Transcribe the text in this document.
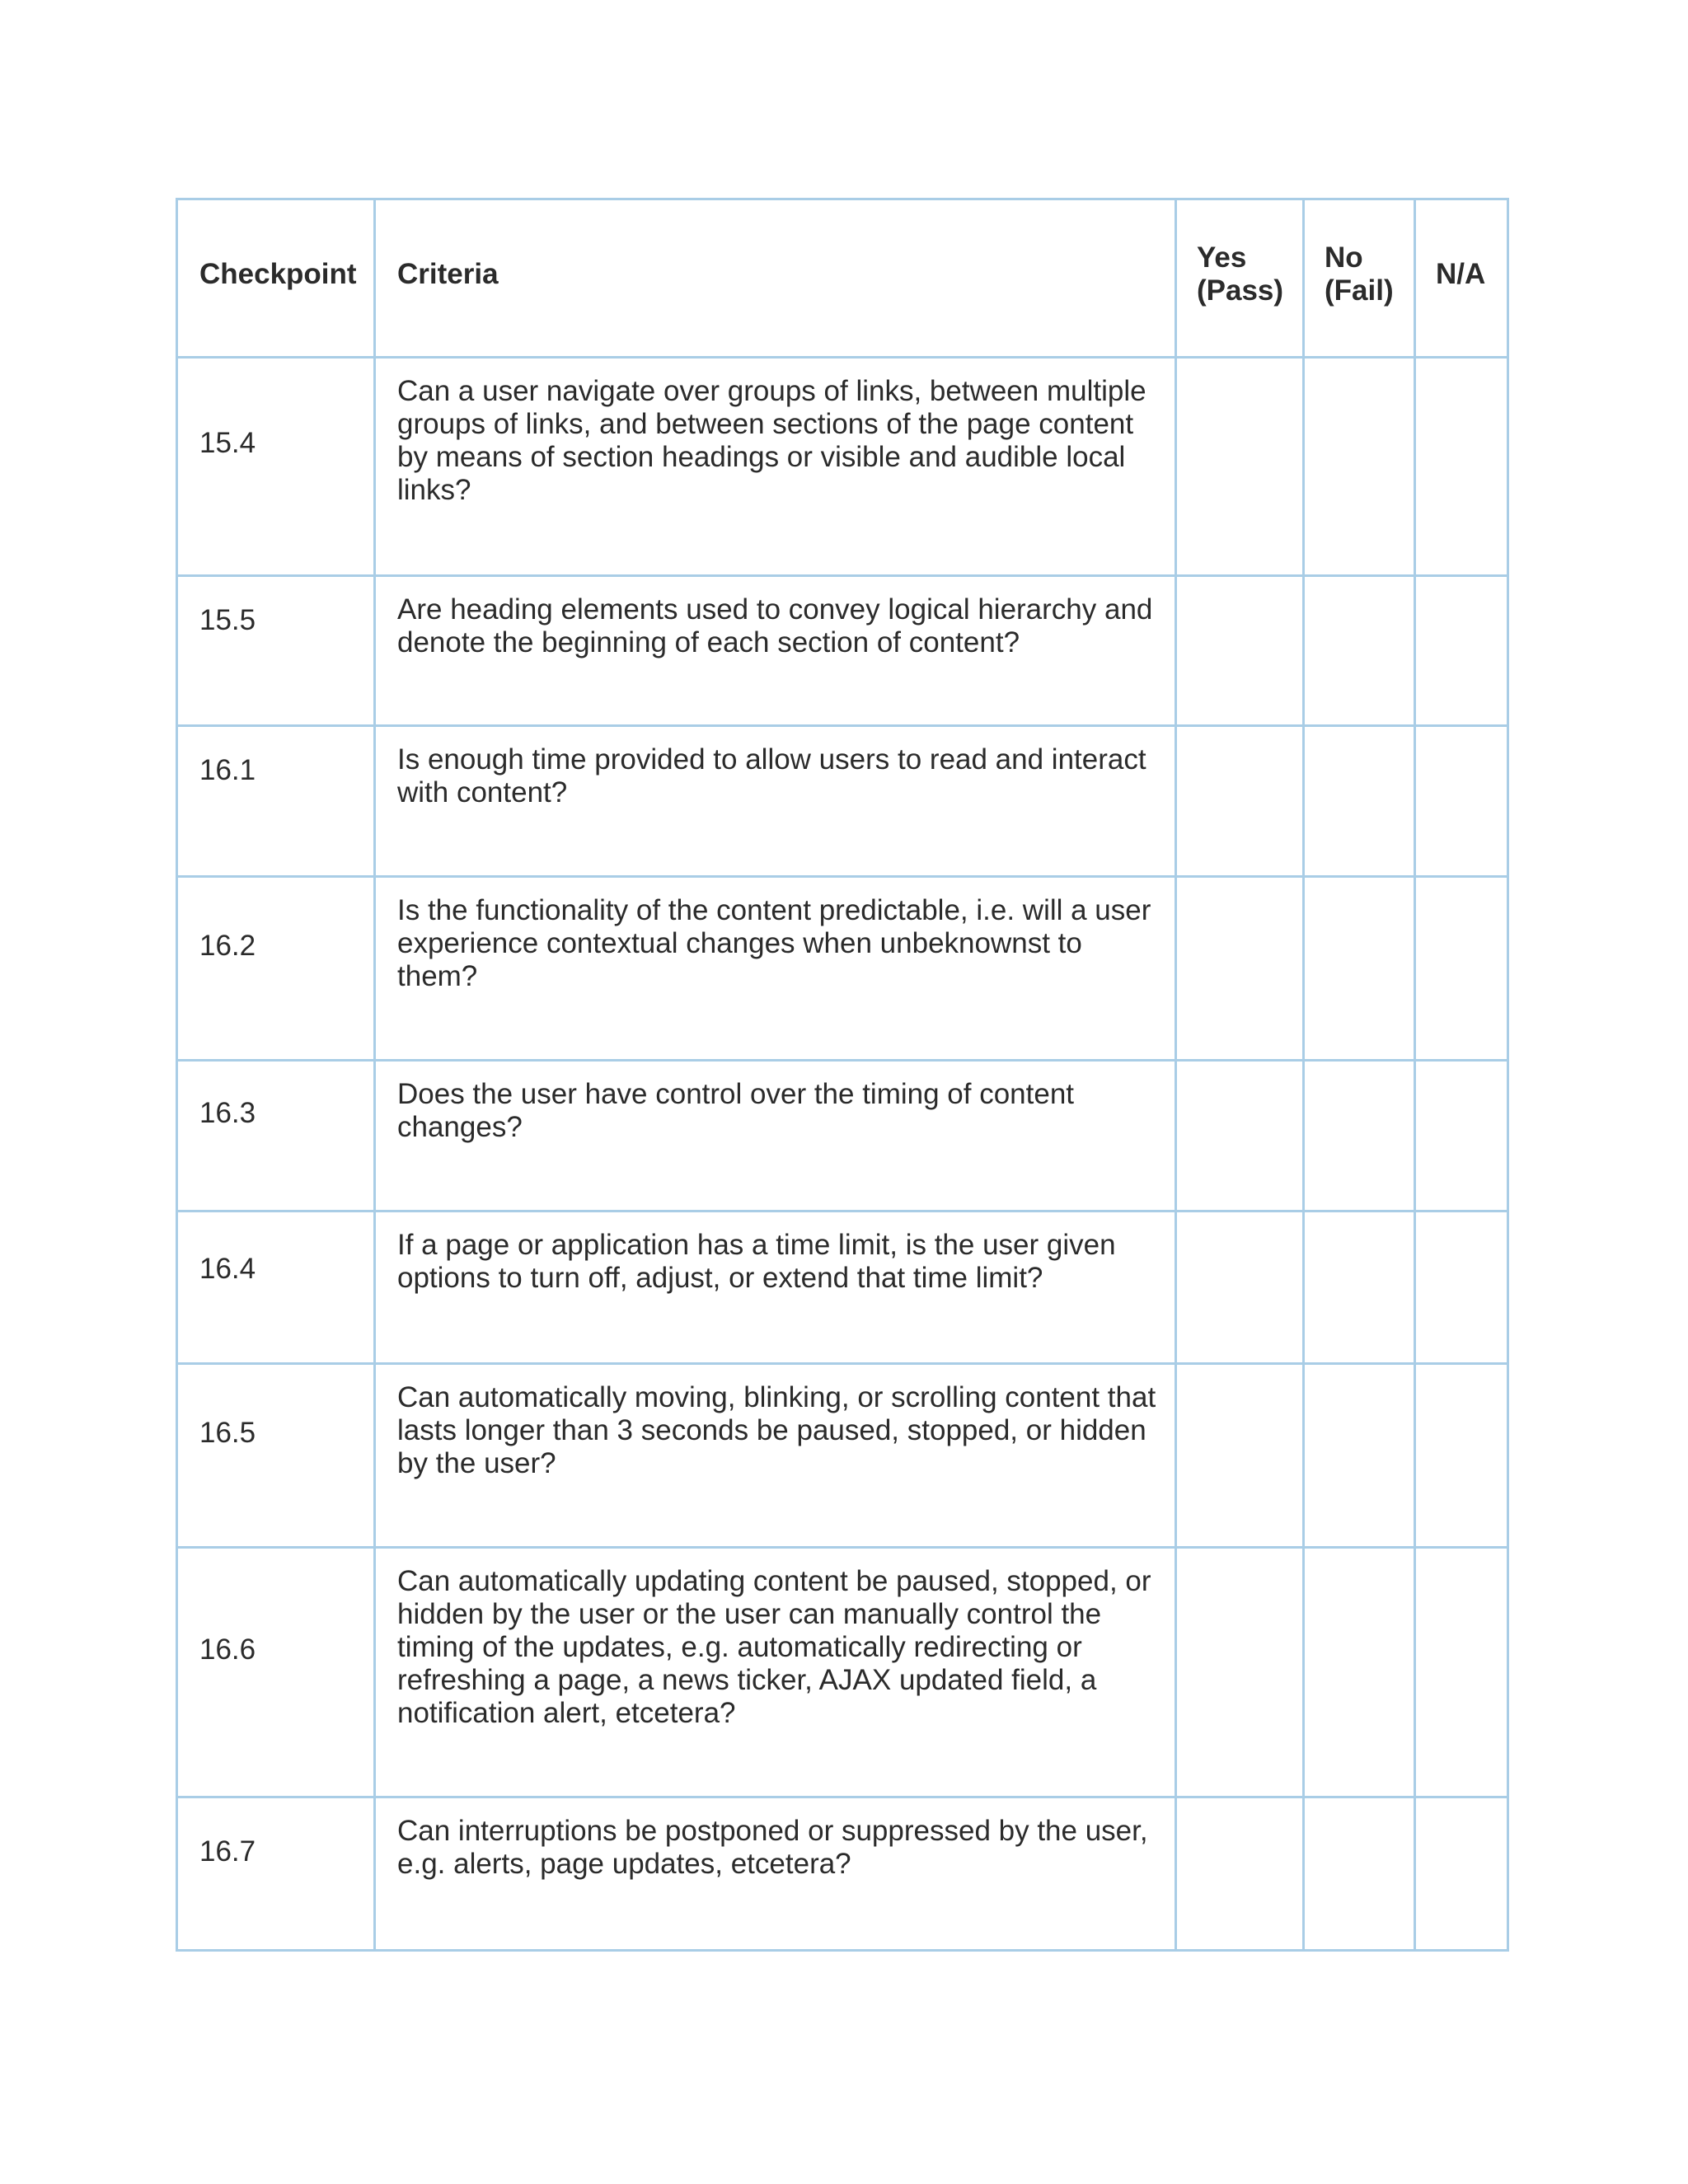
Checkpoint	Criteria	Yes (Pass)	No (Fail)	N/A

15.4	Can a user navigate over groups of links, between multiple groups of links, and between sections of the page content by means of section headings or visible and audible local links?			

15.5	Are heading elements used to convey logical hierarchy and denote the beginning of each section of content?			

16.1	Is enough time provided to allow users to read and interact with content?			

16.2	Is the functionality of the content predictable, i.e. will a user experience contextual changes when unbeknownst to them?			

16.3	Does the user have control over the timing of content changes?			

16.4	If a page or application has a time limit, is the user given options to turn off, adjust, or extend that time limit?			

16.5	Can automatically moving, blinking, or scrolling content that lasts longer than 3 seconds be paused, stopped, or hidden by the user?			

16.6	Can automatically updating content be paused, stopped, or hidden by the user or the user can manually control the timing of the updates, e.g. automatically redirecting or refreshing a page, a news ticker, AJAX updated field, a notification alert, etcetera?			

16.7	Can interruptions be postponed or suppressed by the user, e.g. alerts, page updates, etcetera?			
